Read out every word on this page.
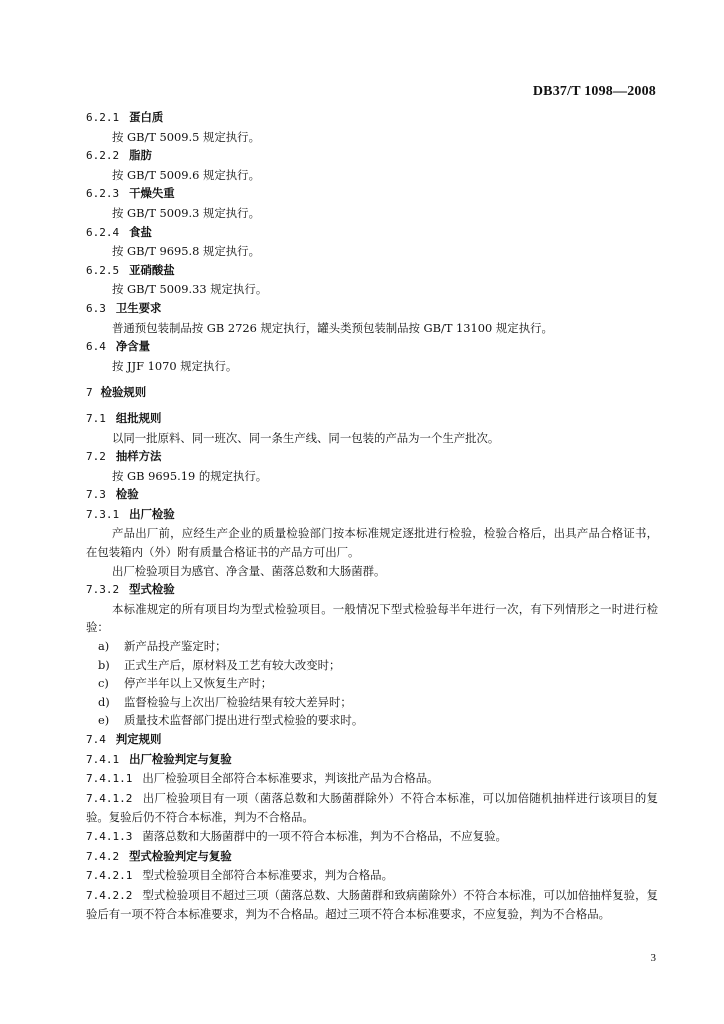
DB37/T 1098—2008
6.2.1 蛋白质
按 GB/T 5009.5 规定执行。
6.2.2 脂肪
按 GB/T 5009.6 规定执行。
6.2.3 干燥失重
按 GB/T 5009.3 规定执行。
6.2.4 食盐
按 GB/T 9695.8 规定执行。
6.2.5 亚硝酸盐
按 GB/T 5009.33 规定执行。
6.3 卫生要求
普通预包装制品按 GB 2726 规定执行，罐头类预包装制品按 GB/T 13100 规定执行。
6.4 净含量
按 JJF 1070 规定执行。
7 检验规则
7.1 组批规则
以同一批原料、同一班次、同一条生产线、同一包装的产品为一个生产批次。
7.2 抽样方法
按 GB 9695.19 的规定执行。
7.3 检验
7.3.1 出厂检验
产品出厂前，应经生产企业的质量检验部门按本标准规定逐批进行检验，检验合格后，出具产品合格证书，在包装箱内（外）附有质量合格证书的产品方可出厂。
出厂检验项目为感官、净含量、菌落总数和大肠菌群。
7.3.2 型式检验
本标准规定的所有项目均为型式检验项目。一般情况下型式检验每半年进行一次，有下列情形之一时进行检验：
a)	新产品投产鉴定时；
b)	正式生产后，原材料及工艺有较大改变时；
c)	停产半年以上又恢复生产时；
d)	监督检验与上次出厂检验结果有较大差异时；
e)	质量技术监督部门提出进行型式检验的要求时。
7.4 判定规则
7.4.1 出厂检验判定与复验
7.4.1.1 出厂检验项目全部符合本标准要求，判该批产品为合格品。
7.4.1.2 出厂检验项目有一项（菌落总数和大肠菌群除外）不符合本标准，可以加倍随机抽样进行该项目的复验。复验后仍不符合本标准，判为不合格品。
7.4.1.3 菌落总数和大肠菌群中的一项不符合本标准，判为不合格品，不应复验。
7.4.2 型式检验判定与复验
7.4.2.1 型式检验项目全部符合本标准要求，判为合格品。
7.4.2.2 型式检验项目不超过三项（菌落总数、大肠菌群和致病菌除外）不符合本标准，可以加倍抽样复验，复验后有一项不符合本标准要求，判为不合格品。超过三项不符合本标准要求，不应复验，判为不合格品。
3
